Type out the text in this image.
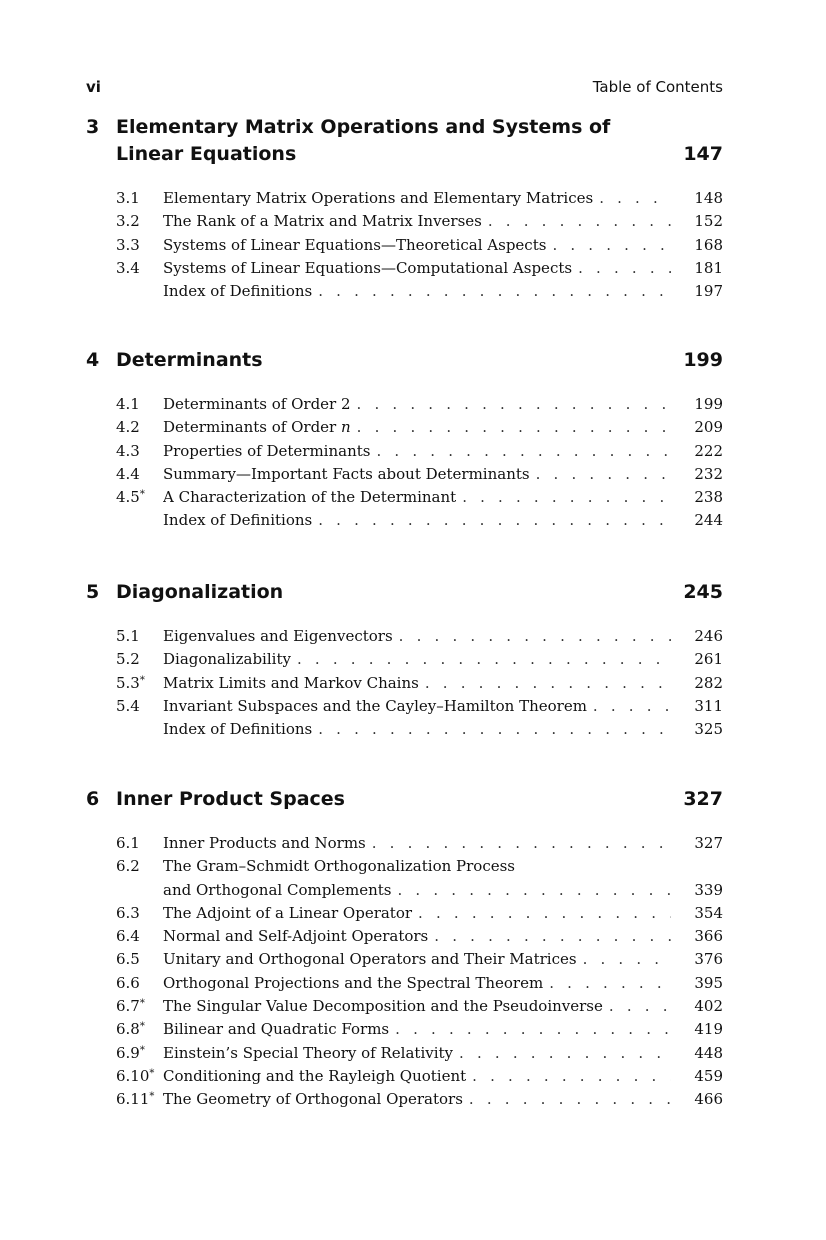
vi	Table of Contents
3 Elementary Matrix Operations and Systems of Linear Equations	147
3.1 Elementary Matrix Operations and Elementary Matrices . . .	148
3.2 The Rank of a Matrix and Matrix Inverses . . .	152
3.3 Systems of Linear Equations—Theoretical Aspects . . .	168
3.4 Systems of Linear Equations—Computational Aspects . . .	181
Index of Definitions . . .	197
4 Determinants	199
4.1 Determinants of Order 2 . . .	199
4.2 Determinants of Order n . . .	209
4.3 Properties of Determinants . . .	222
4.4 Summary—Important Facts about Determinants . . .	232
4.5* A Characterization of the Determinant . . .	238
Index of Definitions . . .	244
5 Diagonalization	245
5.1 Eigenvalues and Eigenvectors . . .	246
5.2 Diagonalizability . . .	261
5.3* Matrix Limits and Markov Chains . . .	282
5.4 Invariant Subspaces and the Cayley–Hamilton Theorem . . .	311
Index of Definitions . . .	325
6 Inner Product Spaces	327
6.1 Inner Products and Norms . . .	327
6.2 The Gram–Schmidt Orthogonalization Process
and Orthogonal Complements . . .	339
6.3 The Adjoint of a Linear Operator . . .	354
6.4 Normal and Self-Adjoint Operators . . .	366
6.5 Unitary and Orthogonal Operators and Their Matrices . . .	376
6.6 Orthogonal Projections and the Spectral Theorem . . .	395
6.7* The Singular Value Decomposition and the Pseudoinverse . . .	402
6.8* Bilinear and Quadratic Forms . . .	419
6.9* Einstein’s Special Theory of Relativity . . .	448
6.10* Conditioning and the Rayleigh Quotient . . .	459
6.11* The Geometry of Orthogonal Operators . . .	466
